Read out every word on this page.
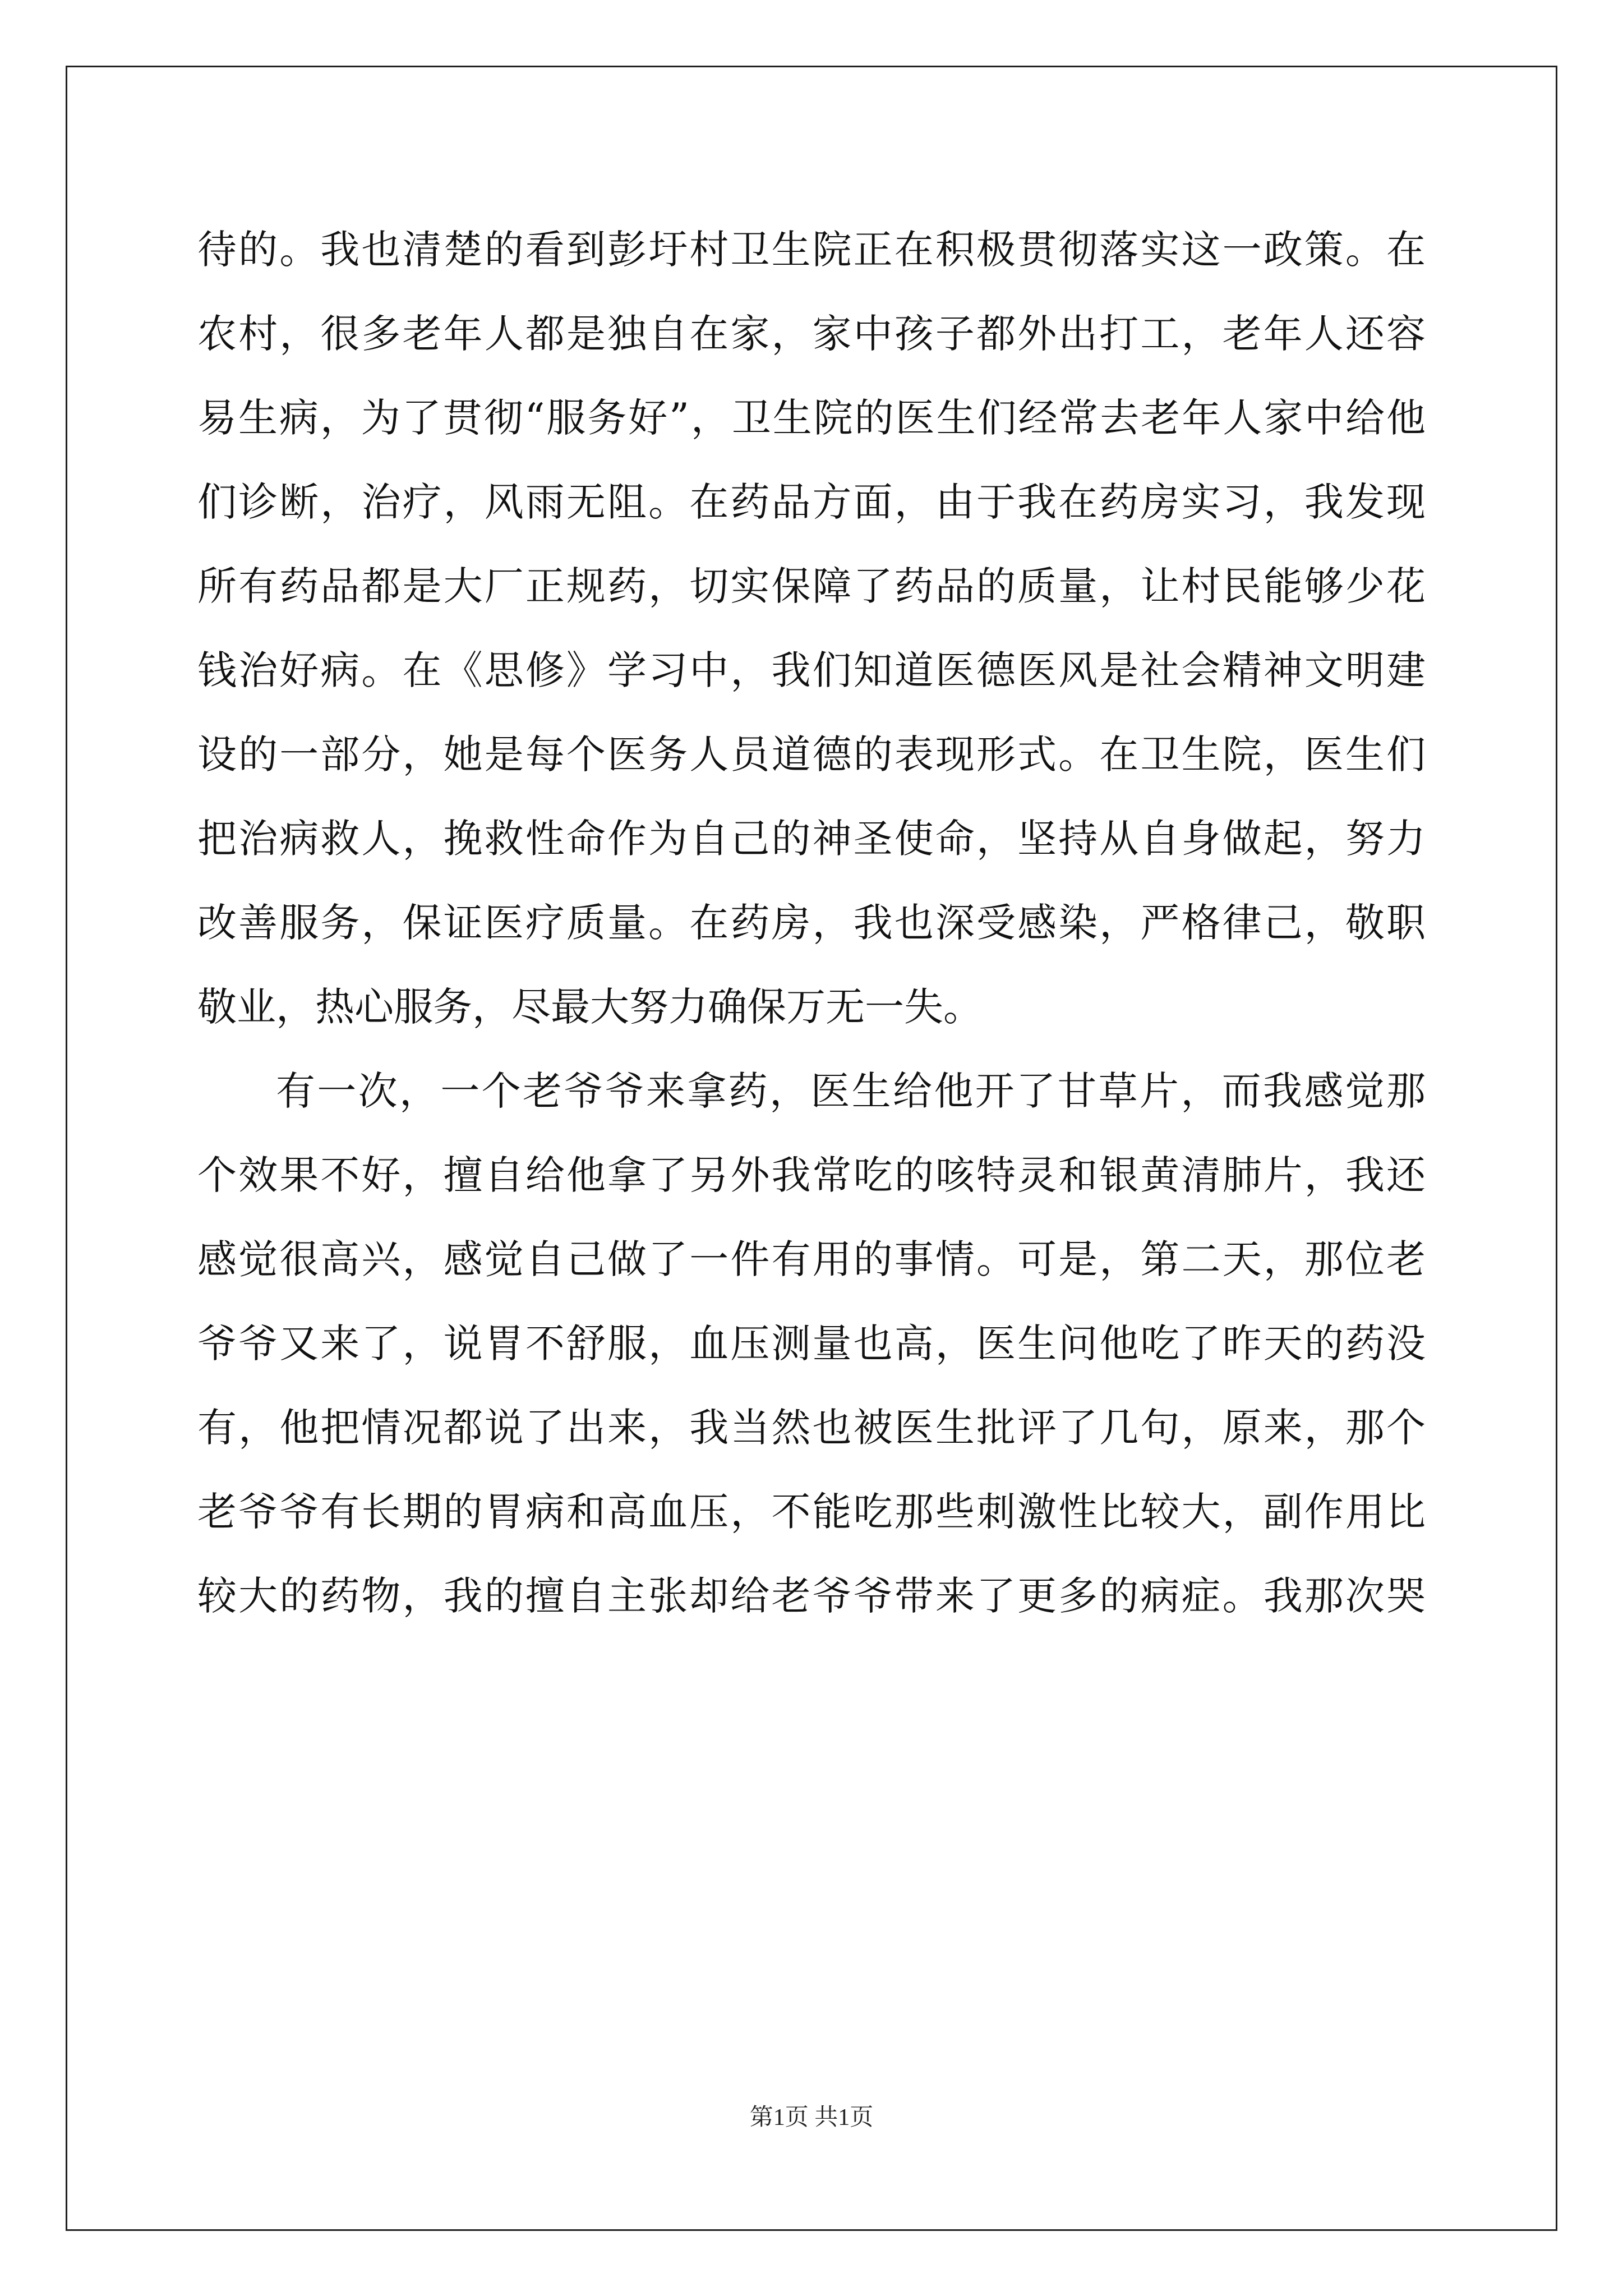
待的。我也清楚的看到彭圩村卫生院正在积极贯彻落实这一政策。在
农村，很多老年人都是独自在家，家中孩子都外出打工，老年人还容
易生病，为了贯彻“服务好”，卫生院的医生们经常去老年人家中给他
们诊断，治疗，风雨无阻。在药品方面，由于我在药房实习，我发现
所有药品都是大厂正规药，切实保障了药品的质量，让村民能够少花
钱治好病。在《思修》学习中，我们知道医德医风是社会精神文明建
设的一部分，她是每个医务人员道德的表现形式。在卫生院，医生们
把治病救人，挽救性命作为自己的神圣使命，坚持从自身做起，努力
改善服务，保证医疗质量。在药房，我也深受感染，严格律己，敬职
敬业，热心服务，尽最大努力确保万无一失。
有一次，一个老爷爷来拿药，医生给他开了甘草片，而我感觉那
个效果不好，擅自给他拿了另外我常吃的咳特灵和银黄清肺片，我还
感觉很高兴，感觉自己做了一件有用的事情。可是，第二天，那位老
爷爷又来了，说胃不舒服，血压测量也高，医生问他吃了昨天的药没
有，他把情况都说了出来，我当然也被医生批评了几句，原来，那个
老爷爷有长期的胃病和高血压，不能吃那些刺激性比较大，副作用比
较大的药物，我的擅自主张却给老爷爷带来了更多的病症。我那次哭
第1页 共1页
